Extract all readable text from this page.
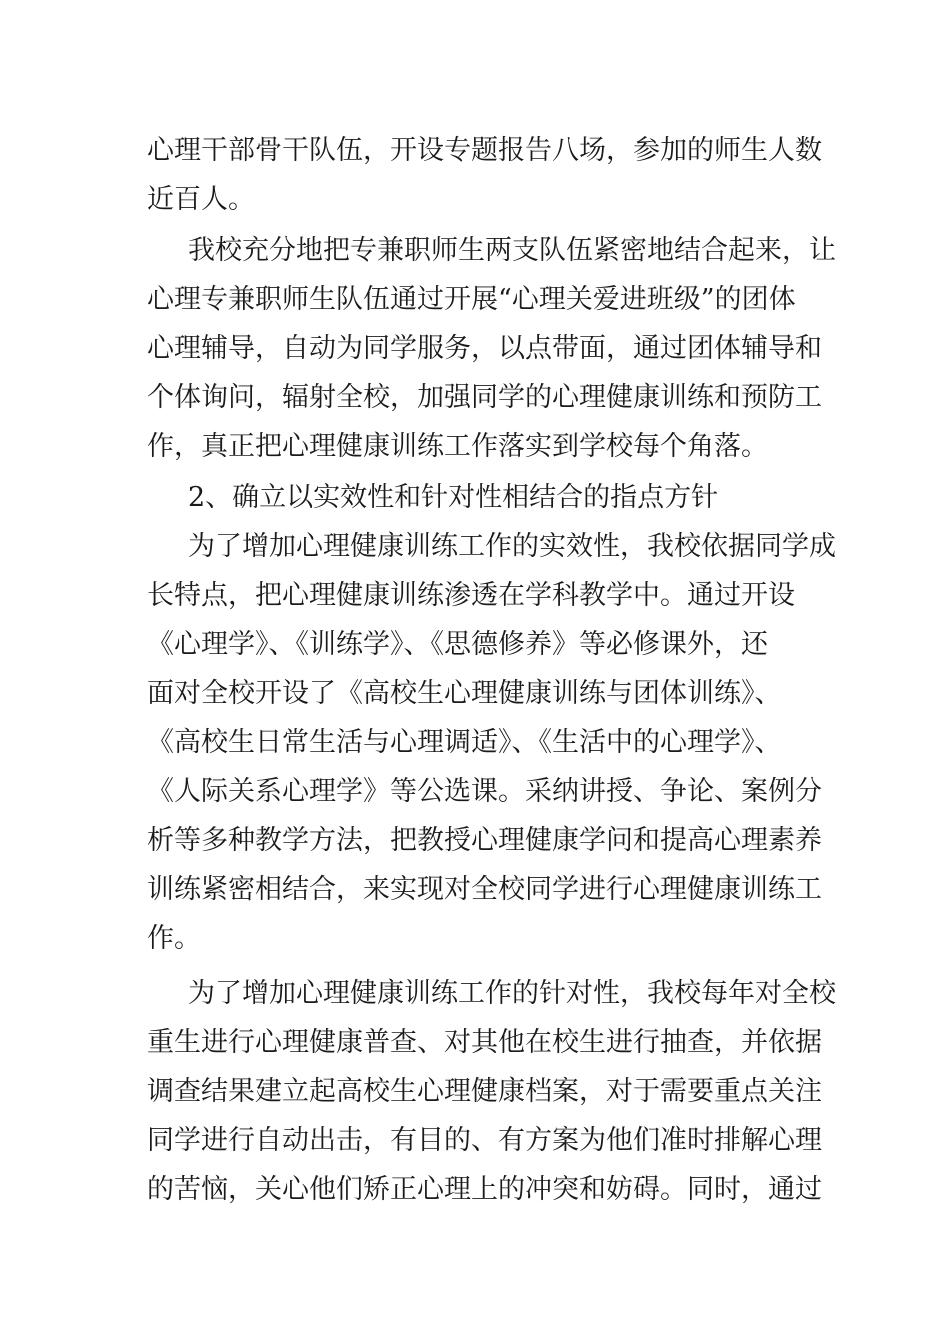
心理干部骨干队伍，开设专题报告八场，参加的师生人数

近百人。

我校充分地把专兼职师生两支队伍紧密地结合起来，让

心理专兼职师生队伍通过开展“心理关爱进班级”的团体

心理辅导，自动为同学服务，以点带面，通过团体辅导和

个体询问，辐射全校，加强同学的心理健康训练和预防工

作，真正把心理健康训练工作落实到学校每个角落。

2、确立以实效性和针对性相结合的指点方针

为了增加心理健康训练工作的实效性，我校依据同学成

长特点，把心理健康训练渗透在学科教学中。通过开设

《心理学》、《训练学》、《思德修养》等必修课外，还

面对全校开设了《高校生心理健康训练与团体训练》、

《高校生日常生活与心理调适》、《生活中的心理学》、

《人际关系心理学》等公选课。采纳讲授、争论、案例分

析等多种教学方法，把教授心理健康学问和提高心理素养

训练紧密相结合，来实现对全校同学进行心理健康训练工

作。

为了增加心理健康训练工作的针对性，我校每年对全校

重生进行心理健康普查、对其他在校生进行抽查，并依据

调查结果建立起高校生心理健康档案，对于需要重点关注

同学进行自动出击，有目的、有方案为他们准时排解心理

的苦恼，关心他们矫正心理上的冲突和妨碍。同时，通过
